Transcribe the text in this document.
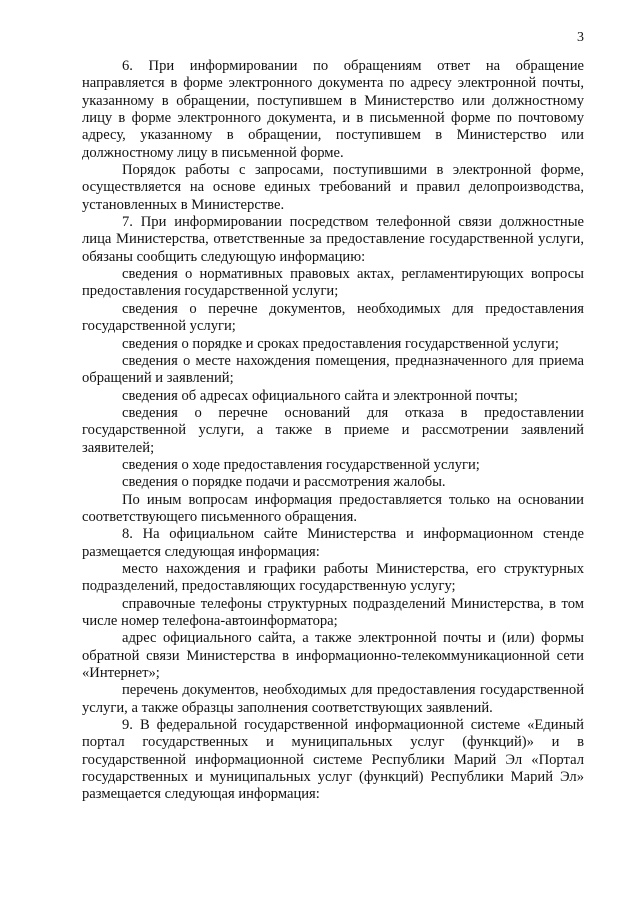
3

6. При информировании по обращениям ответ на обращение направляется в форме электронного документа по адресу электронной почты, указанному в обращении, поступившем в Министерство или должностному лицу в форме электронного документа, и в письменной форме по почтовому адресу, указанному в обращении, поступившем в Министерство или должностному лицу в письменной форме.

Порядок работы с запросами, поступившими в электронной форме, осуществляется на основе единых требований и правил делопроизводства, установленных в Министерстве.

7. При информировании посредством телефонной связи должностные лица Министерства, ответственные за предоставление государственной услуги, обязаны сообщить следующую информацию:

сведения о нормативных правовых актах, регламентирующих вопросы предоставления государственной услуги;

сведения о перечне документов, необходимых для предоставления государственной услуги;

сведения о порядке и сроках предоставления государственной услуги;

сведения о месте нахождения помещения, предназначенного для приема обращений и заявлений;

сведения об адресах официального сайта и электронной почты;

сведения о перечне оснований для отказа в предоставлении государственной услуги, а также в приеме и рассмотрении заявлений заявителей;

сведения о ходе предоставления государственной услуги;

сведения о порядке подачи и рассмотрения жалобы.

По иным вопросам информация предоставляется только на основании соответствующего письменного обращения.

8. На официальном сайте Министерства и информационном стенде размещается следующая информация:

место нахождения и графики работы Министерства, его структурных подразделений, предоставляющих государственную услугу;

справочные телефоны структурных подразделений Министерства, в том числе номер телефона-автоинформатора;

адрес официального сайта, а также электронной почты и (или) формы обратной связи Министерства в информационно-телекоммуникационной сети «Интернет»;

перечень документов, необходимых для предоставления государственной услуги, а также образцы заполнения соответствующих заявлений.

9. В федеральной государственной информационной системе «Единый портал государственных и муниципальных услуг (функций)» и в государственной информационной системе Республики Марий Эл «Портал государственных и муниципальных услуг (функций) Республики Марий Эл» размещается следующая информация:
